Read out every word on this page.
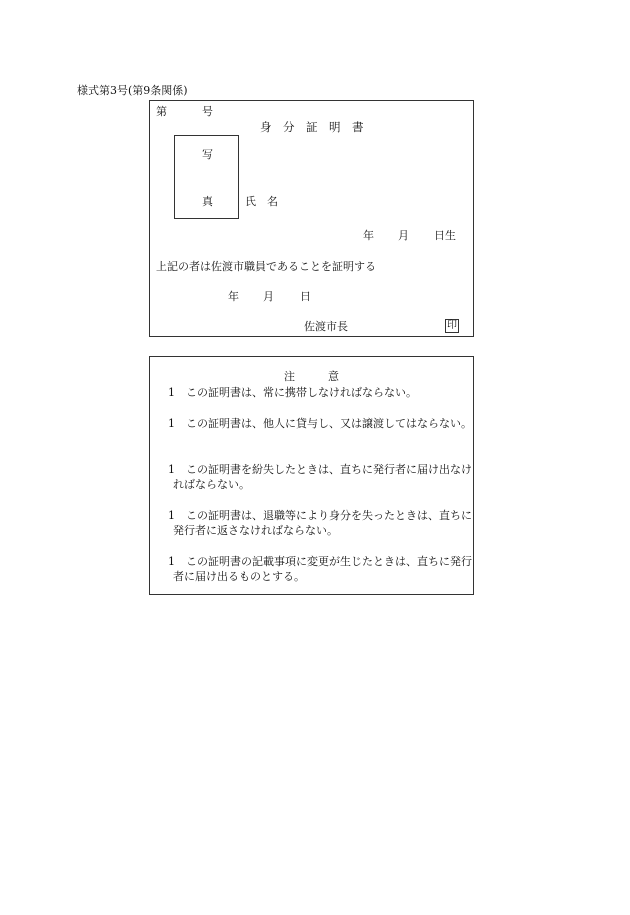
様式第3号(第9条関係)
第	号
身　分　証　明　書
写
真	氏　名
年 月 日生
上記の者は佐渡市職員であることを証明する
年 月 日
佐渡市長	印
注　　　意
1　この証明書は、常に携帯しなければならない。
1　この証明書は、他人に貸与し、又は譲渡してはならない。
1　この証明書を紛失したときは、直ちに発行者に届け出なければならない。
1　この証明書は、退職等により身分を失ったときは、直ちに発行者に返さなければならない。
1　この証明書の記載事項に変更が生じたときは、直ちに発行者に届け出るものとする。
